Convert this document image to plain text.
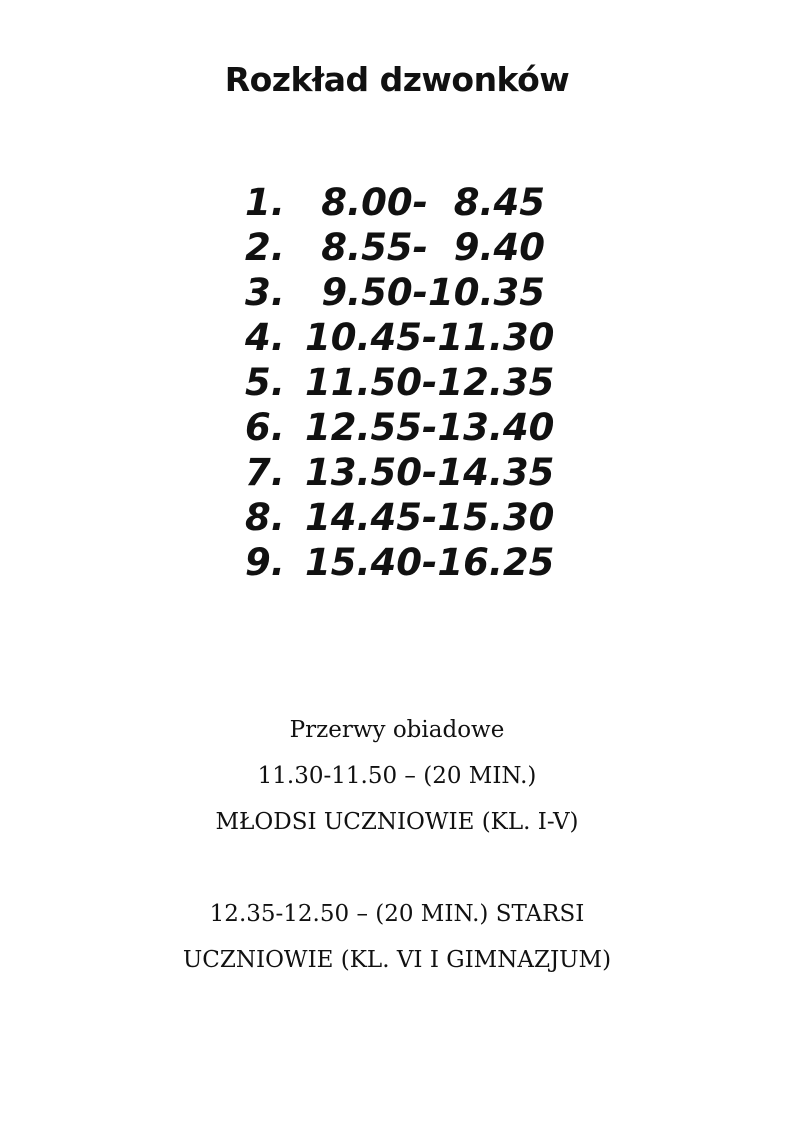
Rozkład dzwonków
1. 8.00-  8.45
2. 8.55-  9.40
3. 9.50-10.35
4. 10.45-11.30
5. 11.50-12.35
6. 12.55-13.40
7. 13.50-14.35
8. 14.45-15.30
9. 15.40-16.25

Przerwy obiadowe

11.30-11.50 – (20 MIN.)

MŁODSI UCZNIOWIE (KL. I-V)

12.35-12.50 – (20 MIN.) STARSI

UCZNIOWIE (KL. VI I GIMNAZJUM)
